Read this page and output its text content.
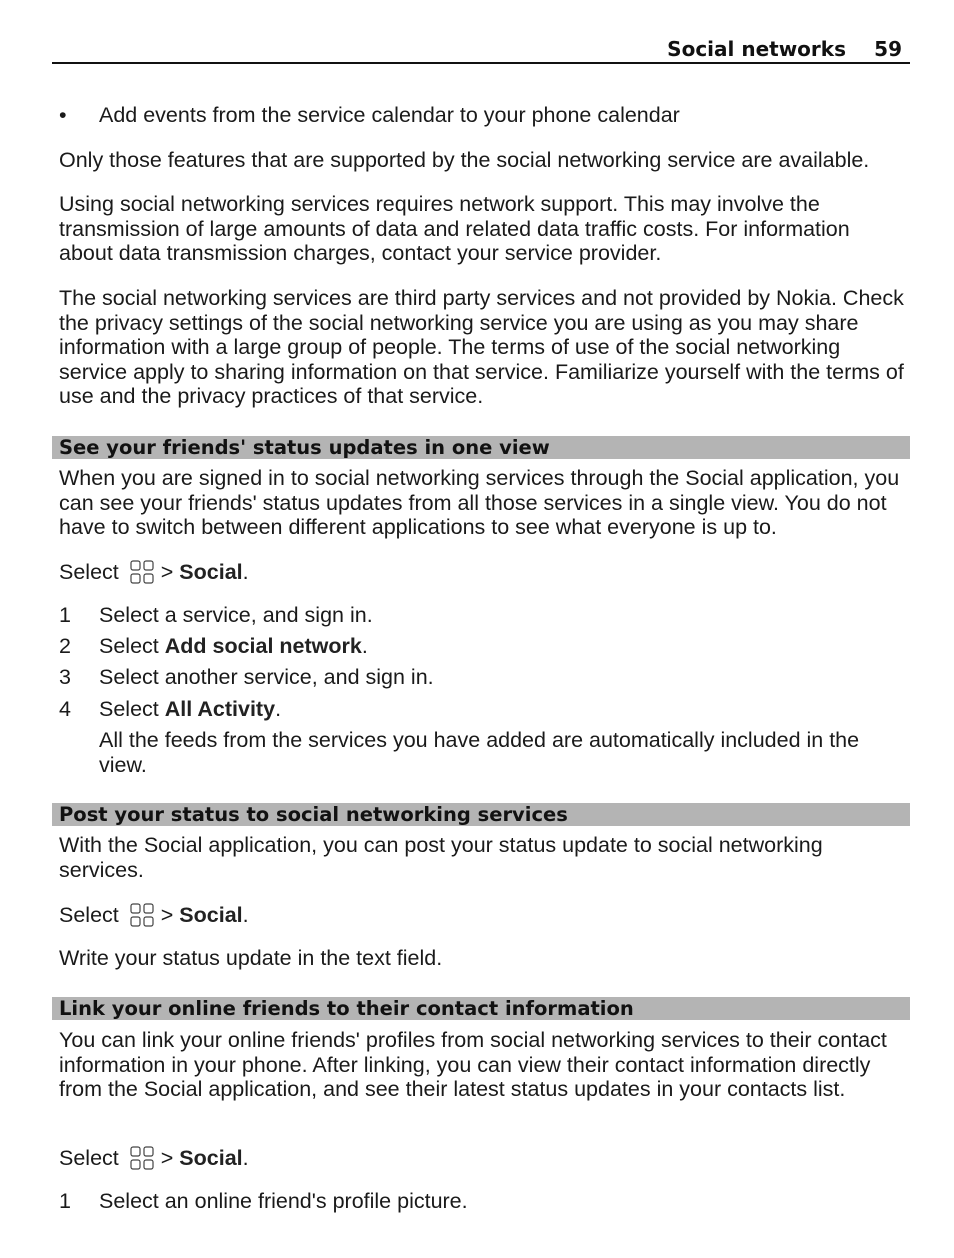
Social networks 59
•	Add events from the service calendar to your phone calendar

Only those features that are supported by the social networking service are available.

Using social networking services requires network support. This may involve the transmission of large amounts of data and related data traffic costs. For information about data transmission charges, contact your service provider.

The social networking services are third party services and not provided by Nokia. Check the privacy settings of the social networking service you are using as you may share information with a large group of people. The terms of use of the social networking service apply to sharing information on that service. Familiarize yourself with the terms of use and the privacy practices of that service.

See your friends' status updates in one view

When you are signed in to social networking services through the Social application, you can see your friends' status updates from all those services in a single view. You do not have to switch between different applications to see what everyone is up to.

Select > Social.

1	Select a service, and sign in.
2	Select Add social network.
3	Select another service, and sign in.
4	Select All Activity.
All the feeds from the services you have added are automatically included in the view.
Post your status to social networking services

With the Social application, you can post your status update to social networking services.

Select > Social.

Write your status update in the text field.

Link your online friends to their contact information

You can link your online friends' profiles from social networking services to their contact information in your phone. After linking, you can view their contact information directly from the Social application, and see their latest status updates in your contacts list.

Select > Social.

1	Select an online friend's profile picture.
